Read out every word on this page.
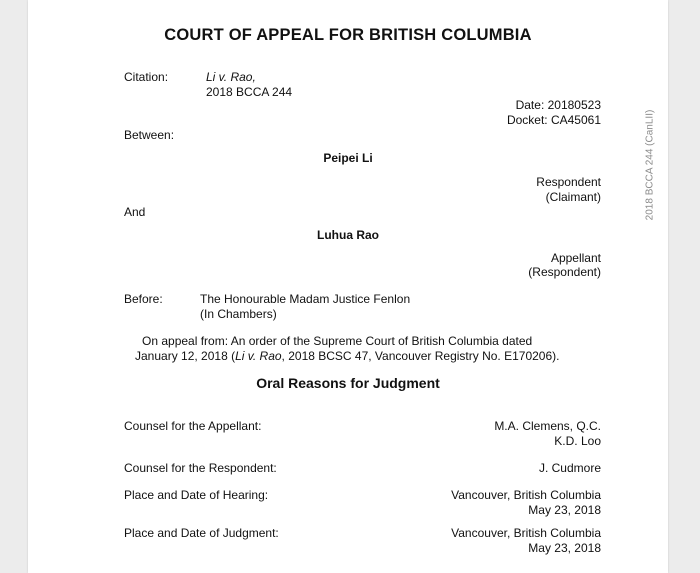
COURT OF APPEAL FOR BRITISH COLUMBIA
Citation:	Li v. Rao,
2018 BCCA 244
Date: 20180523
Docket: CA45061
Between:
Peipei Li
Respondent
(Claimant)
And
Luhua Rao
Appellant
(Respondent)
Before:	The Honourable Madam Justice Fenlon
(In Chambers)
On appeal from: An order of the Supreme Court of British Columbia dated
January 12, 2018 (Li v. Rao, 2018 BCSC 47, Vancouver Registry No. E170206).
Oral Reasons for Judgment
Counsel for the Appellant:	M.A. Clemens, Q.C.
K.D. Loo
Counsel for the Respondent:	J. Cudmore
Place and Date of Hearing:	Vancouver, British Columbia
May 23, 2018
Place and Date of Judgment:	Vancouver, British Columbia
May 23, 2018
2018 BCCA 244 (CanLII)
